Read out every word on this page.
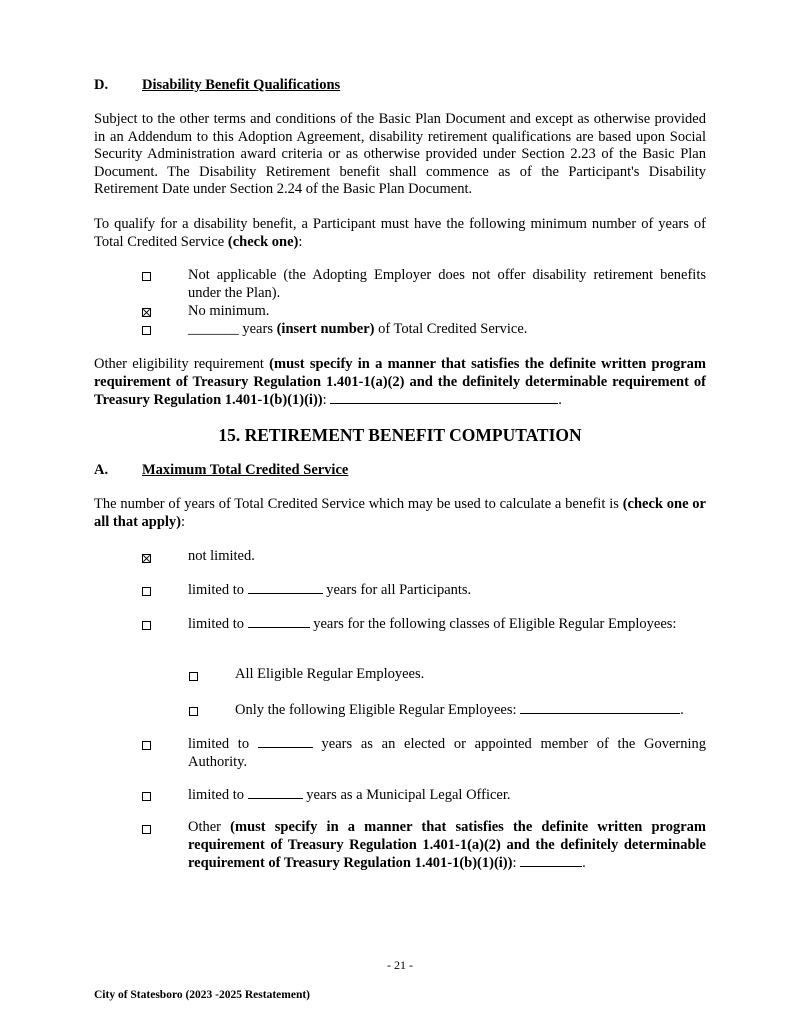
D. Disability Benefit Qualifications

Subject to the other terms and conditions of the Basic Plan Document and except as otherwise provided in an Addendum to this Adoption Agreement, disability retirement qualifications are based upon Social Security Administration award criteria or as otherwise provided under Section 2.23 of the Basic Plan Document. The Disability Retirement benefit shall commence as of the Participant's Disability Retirement Date under Section 2.24 of the Basic Plan Document.

To qualify for a disability benefit, a Participant must have the following minimum number of years of Total Credited Service (check one):

Not applicable (the Adopting Employer does not offer disability retirement benefits under the Plan).
No minimum.
_______ years (insert number) of Total Credited Service.

Other eligibility requirement (must specify in a manner that satisfies the definite written program requirement of Treasury Regulation 1.401-1(a)(2) and the definitely determinable requirement of Treasury Regulation 1.401-1(b)(1)(i)):	.

15. RETIREMENT BENEFIT COMPUTATION
A. Maximum Total Credited Service

The number of years of Total Credited Service which may be used to calculate a benefit is (check one or all that apply):

not limited.
limited to	years for all Participants.
limited to	years for the following classes of Eligible Regular Employees:
All Eligible Regular Employees.
Only the following Eligible Regular Employees:	.
limited to	years as an elected or appointed member of the Governing Authority.
limited to	years as a Municipal Legal Officer.
Other (must specify in a manner that satisfies the definite written program requirement of Treasury Regulation 1.401-1(a)(2) and the definitely determinable requirement of Treasury Regulation 1.401-1(b)(1)(i)):	.
- 21 -
City of Statesboro (2023 -2025 Restatement)
